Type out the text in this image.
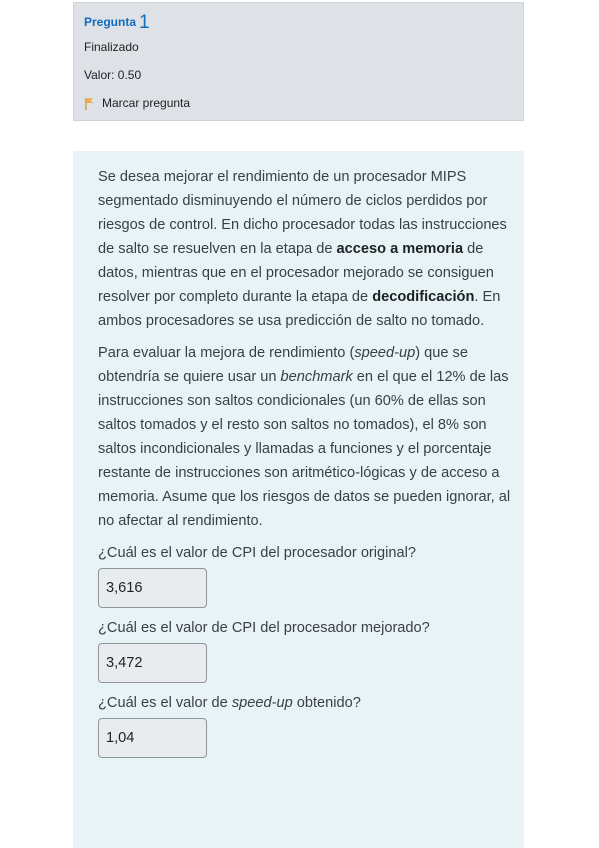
Pregunta 1
Finalizado
Valor: 0.50
Marcar pregunta

Se desea mejorar el rendimiento de un procesador MIPS segmentado disminuyendo el número de ciclos perdidos por riesgos de control. En dicho procesador todas las instrucciones de salto se resuelven en la etapa de acceso a memoria de datos, mientras que en el procesador mejorado se consiguen resolver por completo durante la etapa de decodificación. En ambos procesadores se usa predicción de salto no tomado.

Para evaluar la mejora de rendimiento (speed-up) que se obtendría se quiere usar un benchmark en el que el 12% de las instrucciones son saltos condicionales (un 60% de ellas son saltos tomados y el resto son saltos no tomados), el 8% son saltos incondicionales y llamadas a funciones y el porcentaje restante de instrucciones son aritmético-lógicas y de acceso a memoria. Asume que los riesgos de datos se pueden ignorar, al no afectar al rendimiento.

¿Cuál es el valor de CPI del procesador original?
3,616
¿Cuál es el valor de CPI del procesador mejorado?
3,472
¿Cuál es el valor de speed-up obtenido?
1,04
